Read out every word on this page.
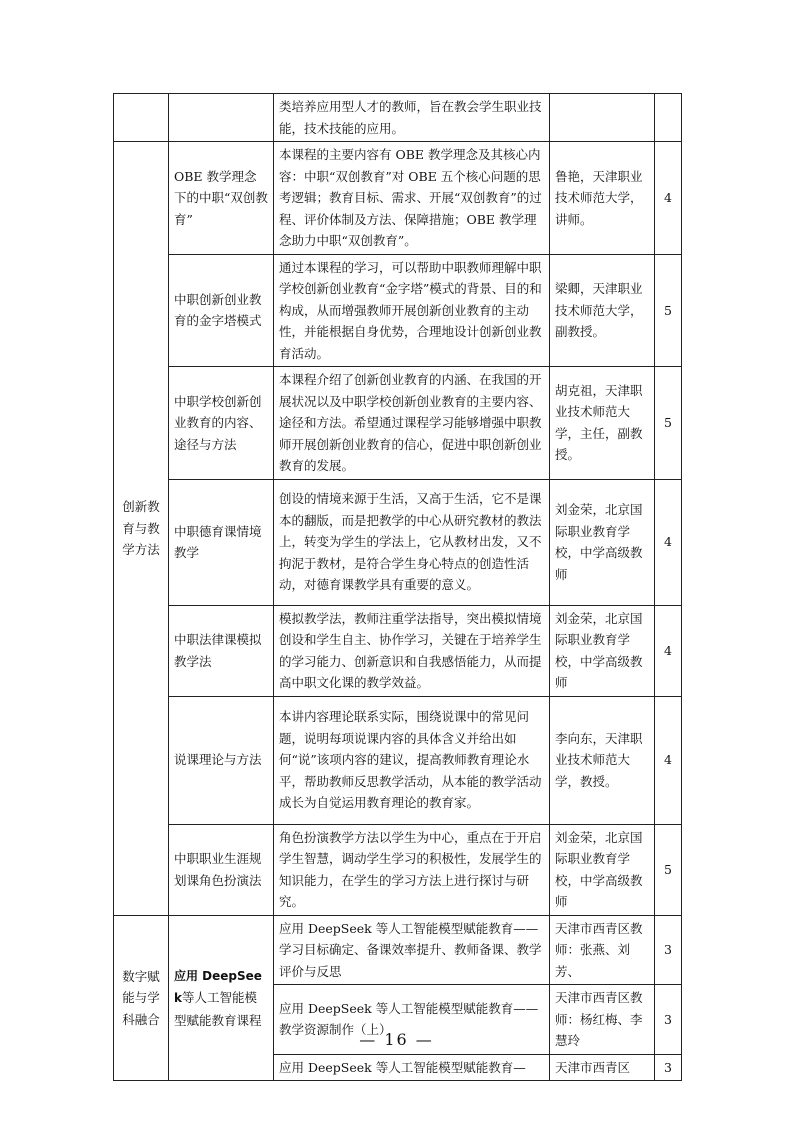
		类培养应用型人才的教师，旨在教会学生职业技能，技术技能的应用。		

创新教育与教学方法	OBE 教学理念下的中职“双创教育”	本课程的主要内容有 OBE 教学理念及其核心内容：中职“双创教育”对 OBE 五个核心问题的思考逻辑；教育目标、需求、开展“双创教育”的过程、评价体制及方法、保障措施；OBE 教学理念助力中职“双创教育”。	鲁艳，天津职业技术师范大学，讲师。	4
	中职创新创业教育的金字塔模式	通过本课程的学习，可以帮助中职教师理解中职学校创新创业教育“金字塔”模式的背景、目的和构成，从而增强教师开展创新创业教育的主动性，并能根据自身优势，合理地设计创新创业教育活动。	梁卿，天津职业技术师范大学，副教授。	5
	中职学校创新创业教育的内容、途径与方法	本课程介绍了创新创业教育的内涵、在我国的开展状况以及中职学校创新创业教育的主要内容、途径和方法。希望通过课程学习能够增强中职教师开展创新创业教育的信心，促进中职创新创业教育的发展。	胡克祖，天津职业技术师范大学，主任，副教授。	5
	中职德育课情境教学	创设的情境来源于生活，又高于生活，它不是课本的翻版，而是把教学的中心从研究教材的教法上，转变为学生的学法上，它从教材出发，又不拘泥于教材，是符合学生身心特点的创造性活动，对德育课教学具有重要的意义。	刘金荣，北京国际职业教育学校，中学高级教师	4
	中职法律课模拟教学法	模拟教学法，教师注重学法指导，突出模拟情境创设和学生自主、协作学习，关键在于培养学生的学习能力、创新意识和自我感悟能力，从而提高中职文化课的教学效益。	刘金荣，北京国际职业教育学校，中学高级教师	4
	说课理论与方法	本讲内容理论联系实际，围绕说课中的常见问题，说明每项说课内容的具体含义并给出如何“说”该项内容的建议，提高教师教育理论水平，帮助教师反思教学活动，从本能的教学活动成长为自觉运用教育理论的教育家。	李向东，天津职业技术师范大学，教授。	4
	中职职业生涯规划课角色扮演法	角色扮演教学方法以学生为中心，重点在于开启学生智慧，调动学生学习的积极性，发展学生的知识能力，在学生的学习方法上进行探讨与研究。	刘金荣，北京国际职业教育学校，中学高级教师	5

数字赋能与学科融合	应用 DeepSeek等人工智能模型赋能教育课程	应用 DeepSeek 等人工智能模型赋能教育——学习目标确定、备课效率提升、教师备课、教学评价与反思	天津市西青区教师：张燕、刘芳、	3
		应用 DeepSeek 等人工智能模型赋能教育——教学资源制作（上）	天津市西青区教师：杨红梅、李慧玲	3
		应用 DeepSeek 等人工智能模型赋能教育—	天津市西青区	3
— 16 —
